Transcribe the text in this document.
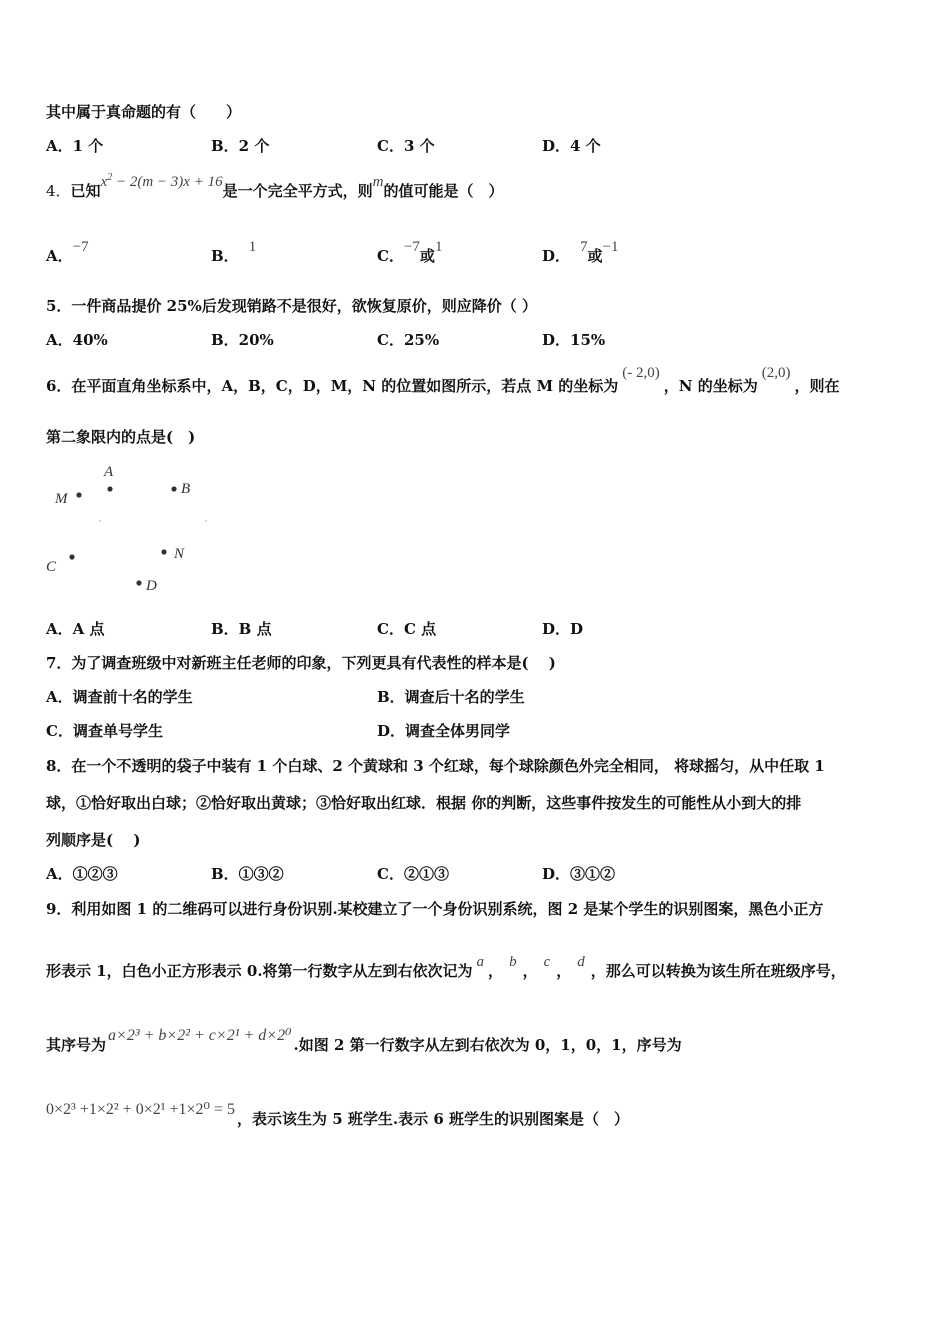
其中属于真命题的有（　　）
A．1 个	B．2 个	C．3 个	D．4 个
4．已知$x^2 - 2(m - 3)x + 16$是一个完全平方式，则m的值可能是（　）
A．−7	B． 1	C．−7或1	D． 7或−1
5．一件商品提价 25%后发现销路不是很好，欲恢复原价，则应降价（ ）
A．40%	B．20%	C．25%	D．15%
6．在平面直角坐标系中，A，B，C，D，M，N 的位置如图所示，若点 M 的坐标为(- 2,0)，N 的坐标为(2,0)，则在
第二象限内的点是(　)
M
A
B
C
N
D
A．A 点	B．B 点	C．C 点	D．D
7．为了调查班级中对新班主任老师的印象，下列更具有代表性的样本是(　 )
A．调查前十名的学生	B．调查后十名的学生
C．调查单号学生	D．调查全体男同学
8．在一个不透明的袋子中装有 1 个白球、2 个黄球和 3 个红球，每个球除颜色外完全相同， 将球摇匀，从中任取 1
球，①恰好取出白球；②恰好取出黄球；③恰好取出红球．根据 你的判断，这些事件按发生的可能性从小到大的排
列顺序是(　 )
A．①②③	B．①③②	C．②①③	D．③①②
9．利用如图 1 的二维码可以进行身份识别.某校建立了一个身份识别系统，图 2 是某个学生的识别图案，黑色小正方
形表示 1，白色小正方形表示 0.将第一行数字从左到右依次记为 a ， b ， c ， d ，那么可以转换为该生所在班级序号，
其序号为a×2³ + b×2² + c×2¹ + d×2⁰.如图 2 第一行数字从左到右依次为 0，1，0，1，序号为
0×2³ +1×2² + 0×2¹ +1×2⁰ = 5，表示该生为 5 班学生.表示 6 班学生的识别图案是（　）
